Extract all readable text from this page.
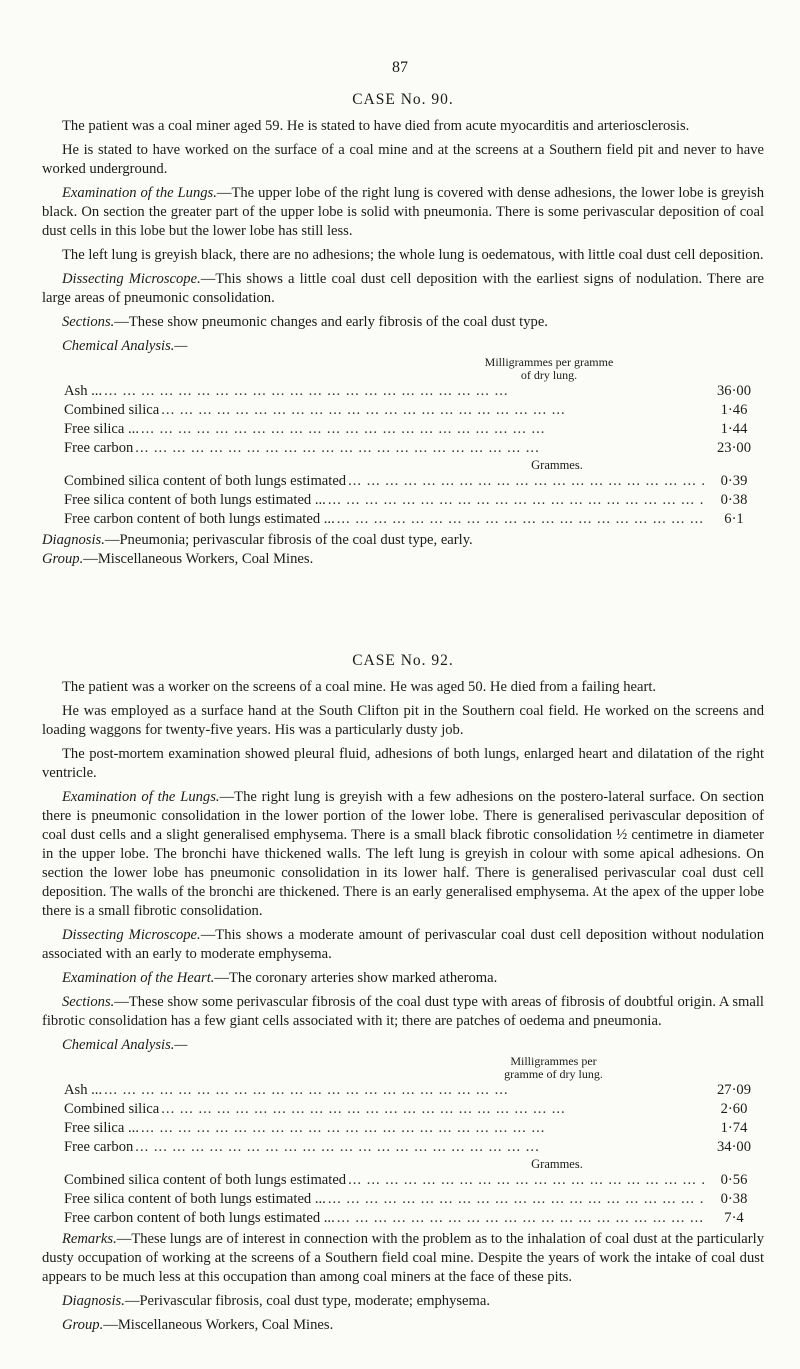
87
CASE No. 90.

The patient was a coal miner aged 59. He is stated to have died from acute myocarditis and arteriosclerosis.

He is stated to have worked on the surface of a coal mine and at the screens at a Southern field pit and never to have worked underground.

Examination of the Lungs.—The upper lobe of the right lung is covered with dense adhesions, the lower lobe is greyish black. On section the greater part of the upper lobe is solid with pneumonia. There is some perivascular deposition of coal dust cells in this lobe but the lower lobe has still less.

The left lung is greyish black, there are no adhesions; the whole lung is oedematous, with little coal dust cell deposition.

Dissecting Microscope.—This shows a little coal dust cell deposition with the earliest signs of nodulation. There are large areas of pneumonic consolidation.

Sections.—These show pneumonic changes and early fibrosis of the coal dust type.

Chemical Analysis.—
Milligrammes per gramme of dry lung.
Ash ... ... .	36·00
Combined silica ... .	1·46
Free silica ... ... .	1·44
Free carbon ... .	23·00
Grammes.
Combined silica content of both lungs estimated ... .	0·39
Free silica content of both lungs estimated ... ... .	0·38
Free carbon content of both lungs estimated ... ... .	6·1
Diagnosis.—Pneumonia; perivascular fibrosis of the coal dust type, early.
Group.—Miscellaneous Workers, Coal Mines.
CASE No. 92.

The patient was a worker on the screens of a coal mine. He was aged 50. He died from a failing heart.

He was employed as a surface hand at the South Clifton pit in the Southern coal field. He worked on the screens and loading waggons for twenty-five years. His was a particularly dusty job.

The post-mortem examination showed pleural fluid, adhesions of both lungs, enlarged heart and dilatation of the right ventricle.

Examination of the Lungs.—The right lung is greyish with a few adhesions on the postero-lateral surface. On section there is pneumonic consolidation in the lower portion of the lower lobe. There is generalised perivascular deposition of coal dust cells and a slight generalised emphysema. There is a small black fibrotic consolidation ½ centimetre in diameter in the upper lobe. The bronchi have thickened walls. The left lung is greyish in colour with some apical adhesions. On section the lower lobe has pneumonic consolidation in its lower half. There is generalised perivascular coal dust cell deposition. The walls of the bronchi are thickened. There is an early generalised emphysema. At the apex of the upper lobe there is a small fibrotic consolidation.

Dissecting Microscope.—This shows a moderate amount of perivascular coal dust cell deposition without nodulation associated with an early to moderate emphysema.

Examination of the Heart.—The coronary arteries show marked atheroma.

Sections.—These show some perivascular fibrosis of the coal dust type with areas of fibrosis of doubtful origin. A small fibrotic consolidation has a few giant cells associated with it; there are patches of oedema and pneumonia.

Chemical Analysis.—
Milligrammes per gramme of dry lung.
Ash ... ... .	27·09
Combined silica ... .	2·60
Free silica ... ... .	1·74
Free carbon ... .	34·00
Grammes.
Combined silica content of both lungs estimated ... .	0·56
Free silica content of both lungs estimated ... ... .	0·38
Free carbon content of both lungs estimated ... ... .	7·4

Remarks.—These lungs are of interest in connection with the problem as to the inhalation of coal dust at the particularly dusty occupation of working at the screens of a Southern field coal mine. Despite the years of work the intake of coal dust appears to be much less at this occupation than among coal miners at the face of these pits.

Diagnosis.—Perivascular fibrosis, coal dust type, moderate; emphysema.

Group.—Miscellaneous Workers, Coal Mines.
